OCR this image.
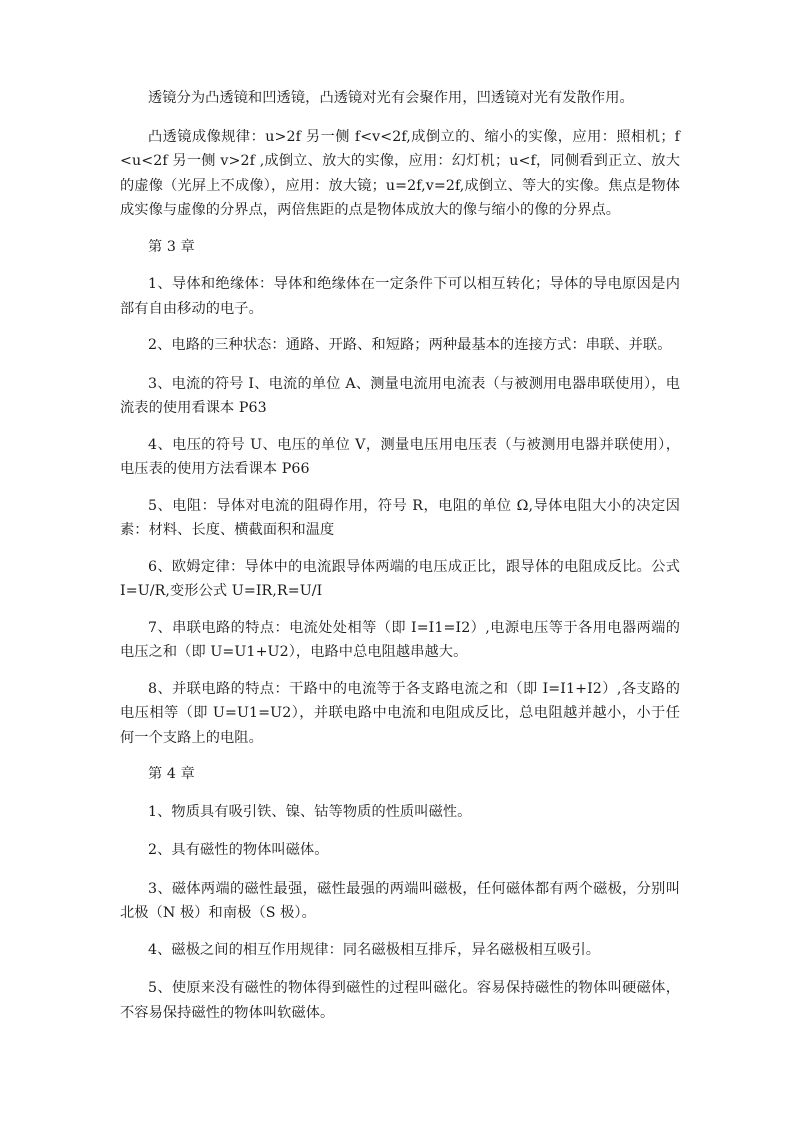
透镜分为凸透镜和凹透镜，凸透镜对光有会聚作用，凹透镜对光有发散作用。

凸透镜成像规律：u>2f 另一侧 f<v<2f,成倒立的、缩小的实像，应用：照相机；f<u<2f 另一侧 v>2f ,成倒立、放大的实像，应用：幻灯机；u<f，同侧看到正立、放大的虚像（光屏上不成像），应用：放大镜；u=2f,v=2f,成倒立、等大的实像。焦点是物体成实像与虚像的分界点，两倍焦距的点是物体成放大的像与缩小的像的分界点。

第 3 章

1、导体和绝缘体：导体和绝缘体在一定条件下可以相互转化；导体的导电原因是内部有自由移动的电子。

2、电路的三种状态：通路、开路、和短路；两种最基本的连接方式：串联、并联。

3、电流的符号 I、电流的单位 A、测量电流用电流表（与被测用电器串联使用），电流表的使用看课本 P63

4、电压的符号 U、电压的单位 V，测量电压用电压表（与被测用电器并联使用），电压表的使用方法看课本 P66

5、电阻：导体对电流的阻碍作用，符号 R，电阻的单位 Ω,导体电阻大小的决定因素：材料、长度、横截面积和温度

6、欧姆定律：导体中的电流跟导体两端的电压成正比，跟导体的电阻成反比。公式 I=U/R,变形公式 U=IR,R=U/I

7、串联电路的特点：电流处处相等（即 I=I1=I2）,电源电压等于各用电器两端的电压之和（即 U=U1+U2），电路中总电阻越串越大。

8、并联电路的特点：干路中的电流等于各支路电流之和（即 I=I1+I2）,各支路的电压相等（即 U=U1=U2），并联电路中电流和电阻成反比，总电阻越并越小，小于任何一个支路上的电阻。

第 4 章

1、物质具有吸引铁、镍、钴等物质的性质叫磁性。

2、具有磁性的物体叫磁体。

3、磁体两端的磁性最强，磁性最强的两端叫磁极，任何磁体都有两个磁极，分别叫北极（N 极）和南极（S 极）。

4、磁极之间的相互作用规律：同名磁极相互排斥，异名磁极相互吸引。

5、使原来没有磁性的物体得到磁性的过程叫磁化。容易保持磁性的物体叫硬磁体，不容易保持磁性的物体叫软磁体。
